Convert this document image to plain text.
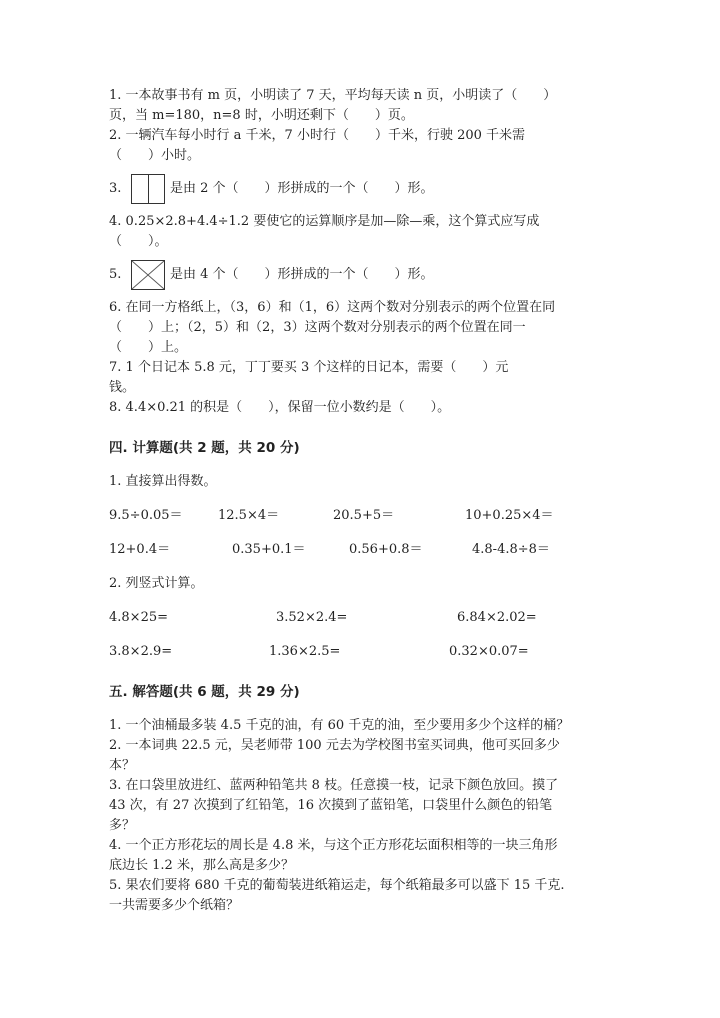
1. 一本故事书有 m 页，小明读了 7 天，平均每天读 n 页，小明读了（　　）
页，当 m=180，n=8 时，小明还剩下（　　）页。
2. 一辆汽车每小时行 a 千米，7 小时行（　　）千米，行驶 200 千米需
（　　）小时。
3.	是由 2 个（　　）形拼成的一个（　　）形。
4. 0.25×2.8+4.4÷1.2 要使它的运算顺序是加—除—乘，这个算式应写成
（　　）。
5.	是由 4 个（　　）形拼成的一个（　　）形。
6. 在同一方格纸上，（3，6）和（1，6）这两个数对分别表示的两个位置在同
（　　）上；（2，5）和（2，3）这两个数对分别表示的两个位置在同一
（　　）上。
7. 1 个日记本 5.8 元，丁丁要买 3 个这样的日记本，需要（　　）元
钱。
8. 4.4×0.21 的积是（　　），保留一位小数约是（　　）。
四. 计算题(共 2 题，共 20 分)
1. 直接算出得数。
9.5÷0.05＝	12.5×4＝	20.5+5＝	10+0.25×4＝
12+0.4＝	0.35+0.1＝	0.56+0.8＝	4.8-4.8÷8＝
2. 列竖式计算。
4.8×25=	3.52×2.4=	6.84×2.02=
3.8×2.9=	1.36×2.5=	0.32×0.07=
五. 解答题(共 6 题，共 29 分)
1. 一个油桶最多装 4.5 千克的油，有 60 千克的油，至少要用多少个这样的桶？
2. 一本词典 22.5 元，吴老师带 100 元去为学校图书室买词典，他可买回多少
本？
3. 在口袋里放进红、蓝两种铅笔共 8 枝。任意摸一枝，记录下颜色放回。摸了
43 次，有 27 次摸到了红铅笔，16 次摸到了蓝铅笔，口袋里什么颜色的铅笔
多？
4. 一个正方形花坛的周长是 4.8 米，与这个正方形花坛面积相等的一块三角形
底边长 1.2 米，那么高是多少？
5. 果农们要将 680 千克的葡萄装进纸箱运走，每个纸箱最多可以盛下 15 千克.
一共需要多少个纸箱？
